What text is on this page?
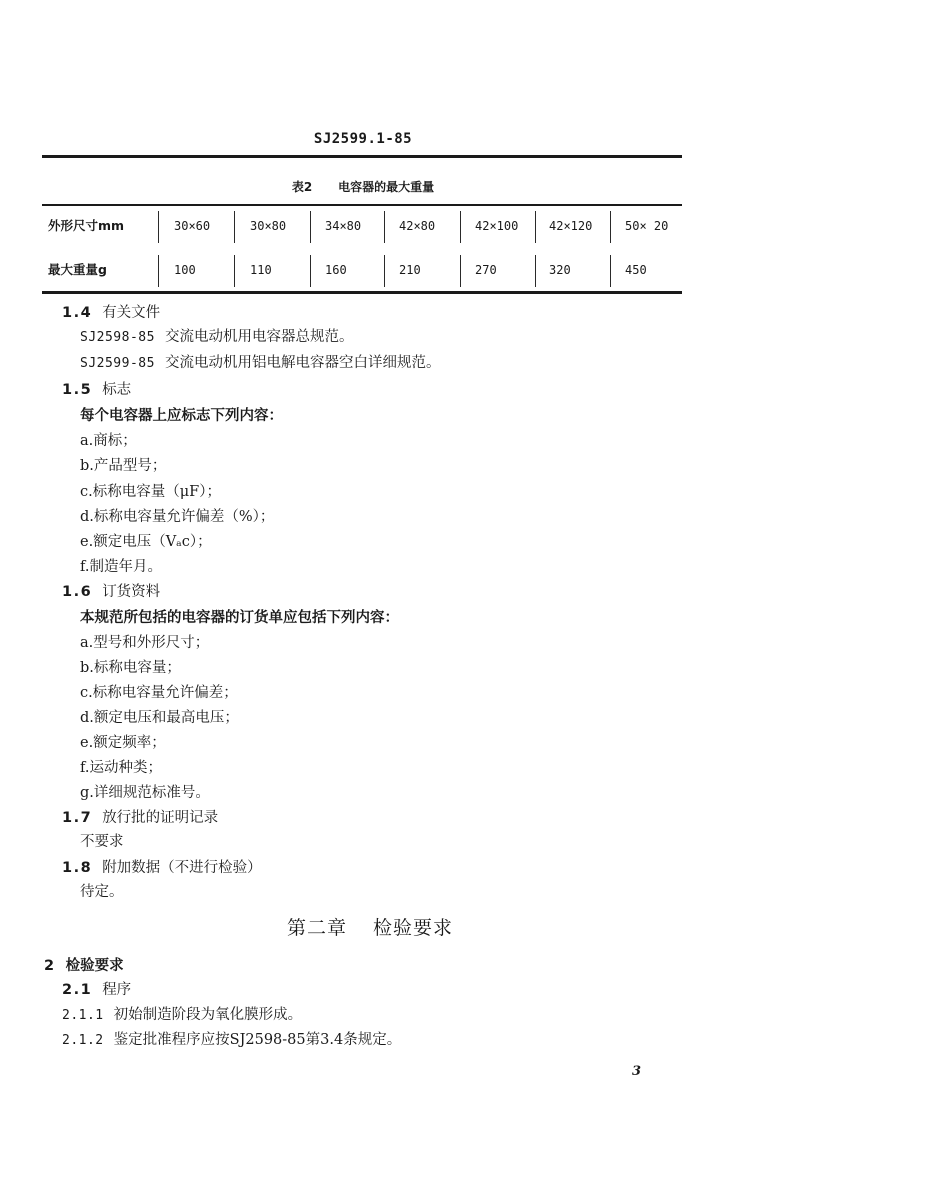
SJ2599.1-85
表2 电容器的最大重量
外形尺寸mm	30×60	30×80	34×80	42×80	42×100	42×120	50× 20
最大重量g	100	110	160	210	270	320	450
1.4 有关文件
SJ2598-85 交流电动机用电容器总规范。
SJ2599-85 交流电动机用铝电解电容器空白详细规范。
1.5 标志
每个电容器上应标志下列内容：
a.商标；
b.产品型号；
c.标称电容量（μF）；
d.标称电容量允许偏差（%）；
e.额定电压（Vₐc）；
f.制造年月。
1.6 订货资料
本规范所包括的电容器的订货单应包括下列内容：
a.型号和外形尺寸；
b.标称电容量；
c.标称电容量允许偏差；
d.额定电压和最高电压；
e.额定频率；
f.运动种类；
g.详细规范标准号。
1.7 放行批的证明记录
不要求
1.8 附加数据（不进行检验）
待定。
第二章 检验要求
2 检验要求
2.1 程序
2.1.1 初始制造阶段为氧化膜形成。
2.1.2 鉴定批准程序应按SJ2598-85第3.4条规定。
3
